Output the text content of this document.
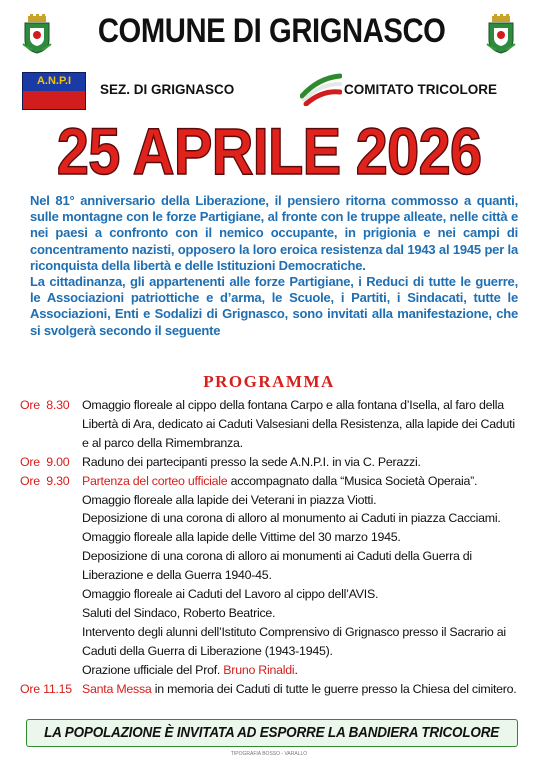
COMUNE DI GRIGNASCO
A.N.P.I
SEZ. DI GRIGNASCO	COMITATO TRICOLORE
25 APRILE 2026

Nel 81° anniversario della Liberazione, il pensiero ritorna commosso a quanti, sulle montagne con le forze Partigiane, al fronte con le truppe alleate, nelle città e nei paesi a confronto con il nemico occupante, in prigionia e nei campi di concentramento nazisti, opposero la loro eroica resistenza dal 1943 al 1945 per la riconquista della libertà e delle Istituzioni Democratiche.

La cittadinanza, gli appartenenti alle forze Partigiane, i Reduci di tutte le guerre, le Associazioni patriottiche e d’arma, le Scuole, i Partiti, i Sindacati, tutte le Associazioni, Enti e Sodalizi di Grignasco, sono invitati alla manifestazione, che si svolgerà secondo il seguente

PROGRAMMA
Ore 8.30	Omaggio floreale al cippo della fontana Carpo e alla fontana d’Isella, al faro della Libertà di Ara, dedicato ai Caduti Valsesiani della Resistenza, alla lapide dei Caduti e al parco della Rimembranza.
Ore 9.00	Raduno dei partecipanti presso la sede A.N.P.I. in via C. Perazzi.
Ore 9.30	Partenza del corteo ufficiale accompagnato dalla “Musica Società Operaia”.
Omaggio floreale alla lapide dei Veterani in piazza Viotti.
Deposizione di una corona di alloro al monumento ai Caduti in piazza Cacciami.
Omaggio floreale alla lapide delle Vittime del 30 marzo 1945.
Deposizione di una corona di alloro ai monumenti ai Caduti della Guerra di Liberazione e della Guerra 1940-45.
Omaggio floreale ai Caduti del Lavoro al cippo dell’AVIS.
Saluti del Sindaco, Roberto Beatrice.
Intervento degli alunni dell’Istituto Comprensivo di Grignasco presso il Sacrario ai Caduti della Guerra di Liberazione (1943-1945).
Orazione ufficiale del Prof. Bruno Rinaldi.
Ore 11.15 Santa Messa in memoria dei Caduti di tutte le guerre presso la Chiesa del cimitero.
LA POPOLAZIONE È INVITATA AD ESPORRE LA BANDIERA TRICOLORE
TIPOGRAFIA BOSSO - VARALLO
